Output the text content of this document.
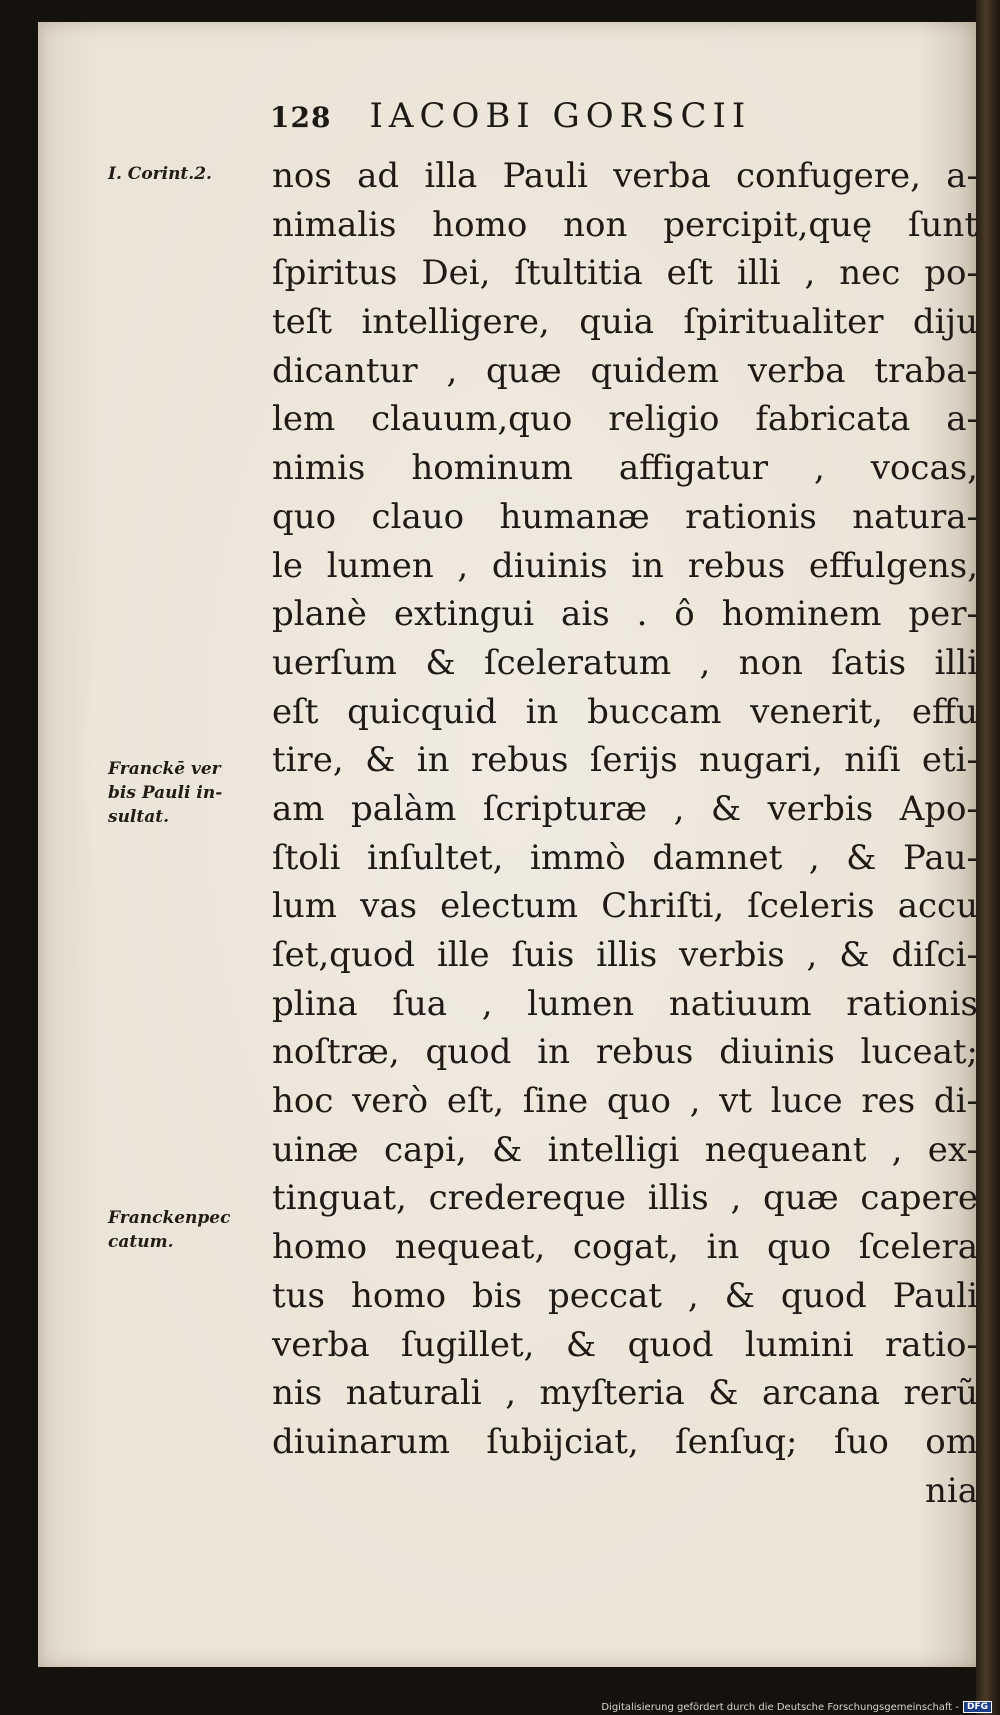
128 IACOBI GORSCII
I. Corint.2.
Franckē ver
bis Pauli in-
sultat.
Franckenpec
catum.
nos ad illa Pauli verba confugere, a-
nimalis homo non percipit,quę ſunt
ſpiritus Dei, ſtultitia eſt illi , nec po-
teſt intelligere, quia ſpiritualiter diju
dicantur , quæ quidem verba traba-
lem clauum,quo religio fabricata a-
nimis hominum affigatur , vocas,
quo clauo humanæ rationis natura-
le lumen , diuinis in rebus effulgens,
planè extingui ais . ô hominem per-
uerſum & ſceleratum , non ſatis illi
eſt quicquid in buccam venerit, effu
tire, & in rebus ſerijs nugari, niſi eti-
am palàm ſcripturæ , & verbis Apo-
ſtoli inſultet, immò damnet , & Pau-
lum vas electum Chriſti, ſceleris accu
ſet,quod ille ſuis illis verbis , & diſci-
plina ſua , lumen natiuum rationis
noſtræ, quod in rebus diuinis luceat;
hoc verò eſt, ſine quo , vt luce res di-
uinæ capi, & intelligi nequeant , ex-
tinguat, credereque illis , quæ capere
homo nequeat, cogat, in quo ſcelera
tus homo bis peccat , & quod Pauli
verba ſugillet, & quod lumini ratio-
nis naturali , myſteria & arcana rerũ
diuinarum ſubijciat, ſenſuq; ſuo om
nia
Digitalisierung gefördert durch die Deutsche Forschungsgemeinschaft - DFG
